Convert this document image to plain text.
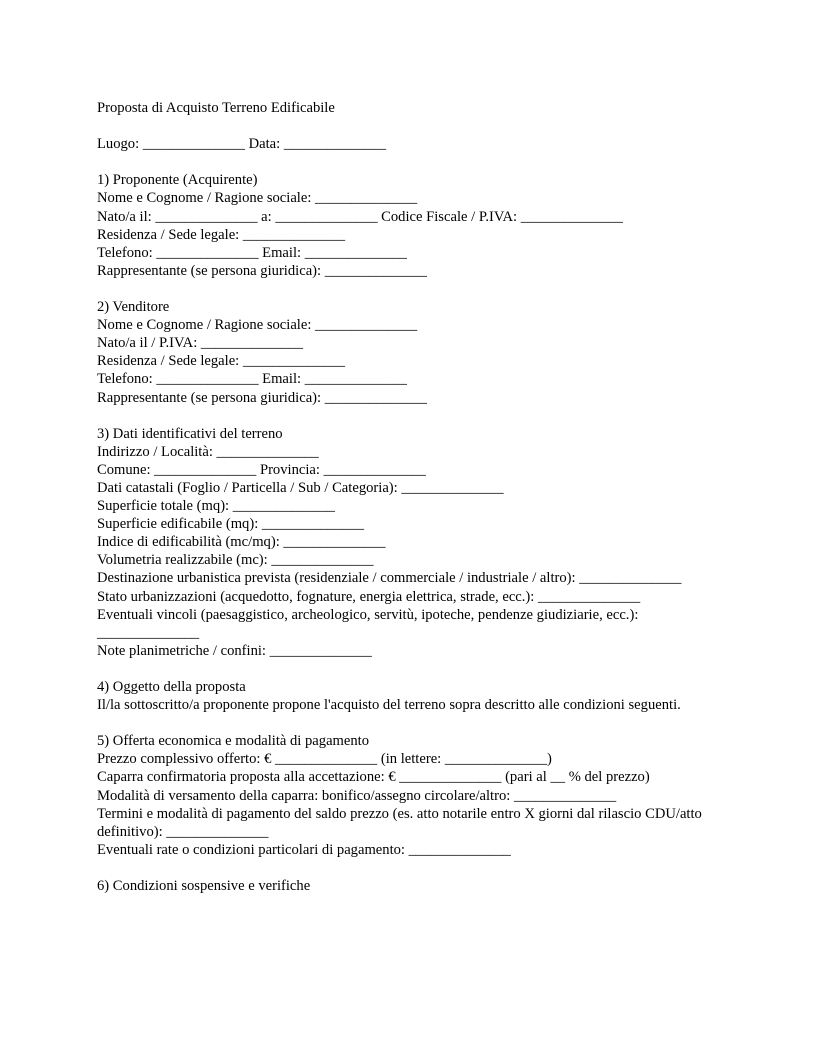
Proposta di Acquisto Terreno Edificabile

Luogo: ______________ Data: ______________

1) Proponente (Acquirente)
Nome e Cognome / Ragione sociale: ______________
Nato/a il: ______________ a: ______________ Codice Fiscale / P.IVA: ______________
Residenza / Sede legale: ______________
Telefono: ______________ Email: ______________
Rappresentante (se persona giuridica): ______________

2) Venditore
Nome e Cognome / Ragione sociale: ______________
Nato/a il / P.IVA: ______________
Residenza / Sede legale: ______________
Telefono: ______________ Email: ______________
Rappresentante (se persona giuridica): ______________

3) Dati identificativi del terreno
Indirizzo / Località: ______________
Comune: ______________ Provincia: ______________
Dati catastali (Foglio / Particella / Sub / Categoria): ______________
Superficie totale (mq): ______________
Superficie edificabile (mq): ______________
Indice di edificabilità (mc/mq): ______________
Volumetria realizzabile (mc): ______________
Destinazione urbanistica prevista (residenziale / commerciale / industriale / altro): ______________
Stato urbanizzazioni (acquedotto, fognature, energia elettrica, strade, ecc.): ______________
Eventuali vincoli (paesaggistico, archeologico, servitù, ipoteche, pendenze giudiziarie, ecc.): ______________
Note planimetriche / confini: ______________

4) Oggetto della proposta
Il/la sottoscritto/a proponente propone l'acquisto del terreno sopra descritto alle condizioni seguenti.

5) Offerta economica e modalità di pagamento
Prezzo complessivo offerto: € ______________ (in lettere: ______________)
Caparra confirmatoria proposta alla accettazione: € ______________ (pari al __ % del prezzo)
Modalità di versamento della caparra: bonifico/assegno circolare/altro: ______________
Termini e modalità di pagamento del saldo prezzo (es. atto notarile entro X giorni dal rilascio CDU/atto definitivo): ______________
Eventuali rate o condizioni particolari di pagamento: ______________

6) Condizioni sospensive e verifiche
